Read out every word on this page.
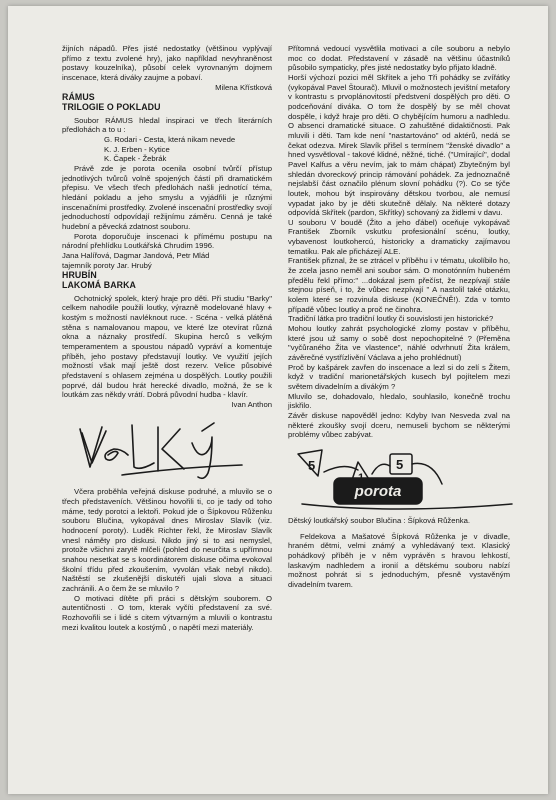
žijních nápadů. Přes jisté nedostatky (většinou vyplývají přímo z textu zvolené hry), jako například nevyhraněnost postavy kouzelníka), působí celek vyrovnaným dojmem inscenace, která diváky zaujme a pobaví.

Milena Křístková

RÁMUS

TRILOGIE O POKLADU

Soubor RÁMUS hledal inspiraci ve třech literárních předlohách a to u :

G. Rodari - Cesta, která nikam nevede

K. J. Erben - Kytice

K. Čapek - Žebrák

Právě zde je porota ocenila osobní tvůrčí přístup jednotlivých tvůrců volně spojených částí při dramatickém přepisu. Ve všech třech předlohách našli jednotící téma, hledání pokladu a jeho smyslu a vyjádřili je různými inscenačními prostředky. Zvolené inscenační prostředky svojí jednoduchostí odpovídají režijnímu záměru. Cenná je také hudební a pěvecká zdatnost souboru.

Porota doporučuje inscenaci k přímému postupu na národní přehlídku Loutkářská Chrudim 1996.

Jana Halířová, Dagmar Jandová, Petr Mlád

tajemník poroty Jar. Hrubý

HRUBÍN

LAKOMÁ BARKA

Ochotnický spolek, který hraje pro děti. Při studiu "Barky" celkem nahodile použili loutky, výrazně modelované hlavy + kostým s možností navléknout ruce. - Scéna - velká plátěná stěna s namalovanou mapou, ve které lze otevírat různá okna a náznaky prostředí. Skupina herců s velkým temperamentem a spoustou nápadů vypráví a komentuje příběh, jeho postavy představují loutky. Ve využití jejích možností však mají ještě dost rezerv. Velice působivé představení s ohlasem zejména u dospělých. Loutky použili poprvé, dál budou hrát herecké divadlo, možná, že se k loutkám zas někdy vrátí. Dobrá původní hudba - klavír.

Ivan Anthon

Včera proběhla veřejná diskuse podruhé, a mluvilo se o třech představeních. Většinou hovořili ti, co je tady od toho máme, tedy porotci a lektoři. Pokud jde o Šípkovou Růženku souboru Blučina, vykopával dnes Miroslav Slavík (viz. hodnocení poroty). Luděk Richter řekl, že Miroslav Slavík vnesl náměty pro diskusi. Nikdo jiný si to asi nemyslel, protože všichni zarytě mlčeli (pohled do neurčita s upřímnou snahou nesetkat se s koordinátorem diskuse očima evokoval školní třídu před zkoušením, vyvolán však nebyl nikdo). Naštěstí se zkušenější diskutéři ujali slova a situaci zachránili. A o čem že se mluvilo ?

O motivaci dítěte při práci s dětským souborem. O autentičnosti . O tom, kterak vyčíti představení za své. Rozhovořili se i lidé s citem výtvarným a mluvili o kontrastu mezi kvalitou loutek a kostýmů , o napětí mezi materiály.

Přítomná vedoucí vysvětlila motivaci a cíle souboru a nebylo moc co dodat. Představení v zásadě na většinu účastníků působilo sympaticky, přes jisté nedostatky bylo přijato kladně.

Horší výchozí pozici měl Skřítek a jeho Tři pohádky se zvířátky (vykopával Pavel Štourač). Mluvil o možnostech jevištní metafory v kontrastu s prvoplánovitostí předstvení dospělých pro děti. O podceňování diváka. O tom že dospělý by se měl chovat dospěle, i když hraje pro děti. O chybějícím humoru a nadhledu. O absenci dramatické situace. O zahuštěné didaktičnosti. Pak mluvili i děti. Tam kde není "nastartováno" od aktérů, nedá se čekat odezva. Mirek Slavík přišel s termínem "ženské divadlo" a hned vysvětloval - takové klidné, něžné, tiché. ("Umírající", dodal Pavel Kalfus a věru nevím, jak to mám chápat) Zbytečným byl shledán dvoreckový princip rámování pohádek. Za jednoznačně nejslabší část označilo plénum slovní pohádku (?). Co se týče loutek, mohou být inspirovány dětskou tvorbou, ale nemusí vypadat jako by je děti skutečně dělaly. Na některé dotazy odpovídá Skřítek (pardon, Skřítky) schovaný za židlemi v davu.

U souboru V boudě (Žito a jeho ďábel) oceňuje vykopávač František Zborník vskutku profesionální scénu, loutky, vybavenost loutkohercú, historicky a dramaticky zajímavou tematiku. Pak ale přicházejí ALE.

František přiznal, že se ztrácel v příběhu i v tématu, ukolíbilo ho, že zcela jasno neměl ani soubor sám. O monotónním hubeném předělu řekl přímo:" ...dokázal jsem přečíst, že nezpívají stále stejnou píseň, i to, že vůbec nezpívají " A nastolil také otázku, kolem které se rozvinula diskuse (KONEČNĚ!). Zda v tomto případě vůbec loutky a proč ne činohra.

Tradiční látka pro tradiční loutky či souvislosti jen historické?

Mohou loutky zahrát psychologické zlomy postav v příběhu, které jsou už samy o sobě dost nepochopitelné ? (Přeměna "vyčůraného Žita ve vlastence", náhlé odvrhnutí Žita králem, závěrečné vystřízlivění Václava a jeho prohlédnutí)

Proč by kašpárek zavřen do inscenace a lezl si do zelí s Žitem, když v tradiční marionetářských kusech byl pojítelem mezi světem divadelním a divákým ?

Mluvilo se, dohadovalo, hledalo, souhlasilo, konečně trochu jiskřilo.

Závěr diskuse napověděl jedno: Kdyby Ivan Nesveda zval na některé zkoušky svojí dceru, nemuseli bychom se některými problémy vůbec zabývat.

5
1
5
porota

Dětský loutkářský soubor Blučina : Šípková Růženka.

Feldekova a Mašatové Šípková Růženka je v divadle, hraném dětmi, velmi známý a vyhledávaný text. Klasický pohádkový příběh je v něm vyprávěn s hravou lehkostí, laskavým nadhledem a ironií a dětskému souboru nabízí možnost pohrát si s jednoduchým, přesně vystavěným divadelním tvarem.
